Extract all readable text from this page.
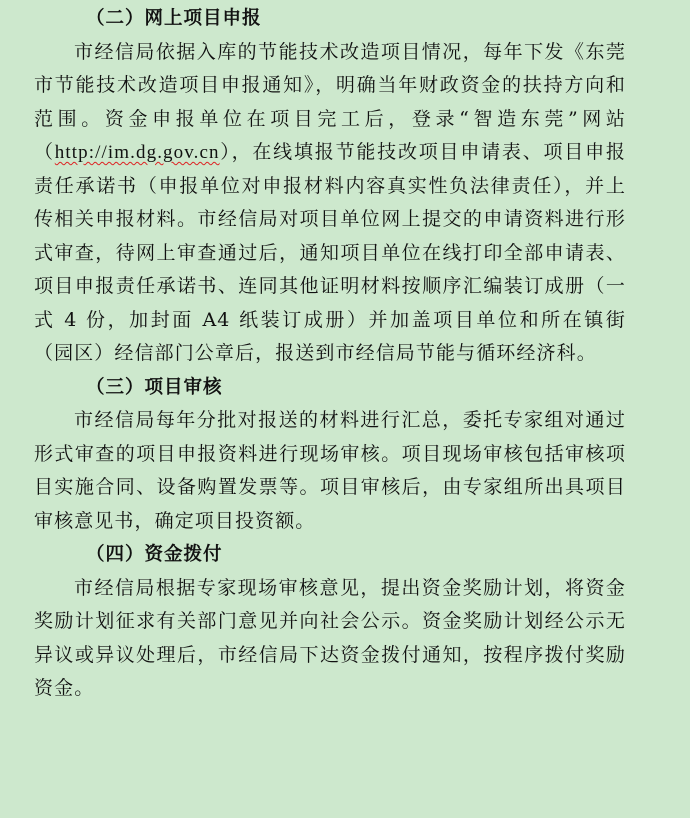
（二）网上项目申报

市经信局依据入库的节能技术改造项目情况，每年下发《东莞市节能技术改造项目申报通知》，明确当年财政资金的扶持方向和范围。资金申报单位在项目完工后，登录“智造东莞”网站（http://im.dg.gov.cn），在线填报节能技改项目申请表、项目申报责任承诺书（申报单位对申报材料内容真实性负法律责任），并上传相关申报材料。市经信局对项目单位网上提交的申请资料进行形式审查，待网上审查通过后，通知项目单位在线打印全部申请表、项目申报责任承诺书、连同其他证明材料按顺序汇编装订成册（一式 4 份，加封面 A4 纸装订成册）并加盖项目单位和所在镇街（园区）经信部门公章后，报送到市经信局节能与循环经济科。

（三）项目审核

市经信局每年分批对报送的材料进行汇总，委托专家组对通过形式审查的项目申报资料进行现场审核。项目现场审核包括审核项目实施合同、设备购置发票等。项目审核后，由专家组所出具项目审核意见书，确定项目投资额。

（四）资金拨付

市经信局根据专家现场审核意见，提出资金奖励计划，将资金奖励计划征求有关部门意见并向社会公示。资金奖励计划经公示无异议或异议处理后，市经信局下达资金拨付通知，按程序拨付奖励资金。
